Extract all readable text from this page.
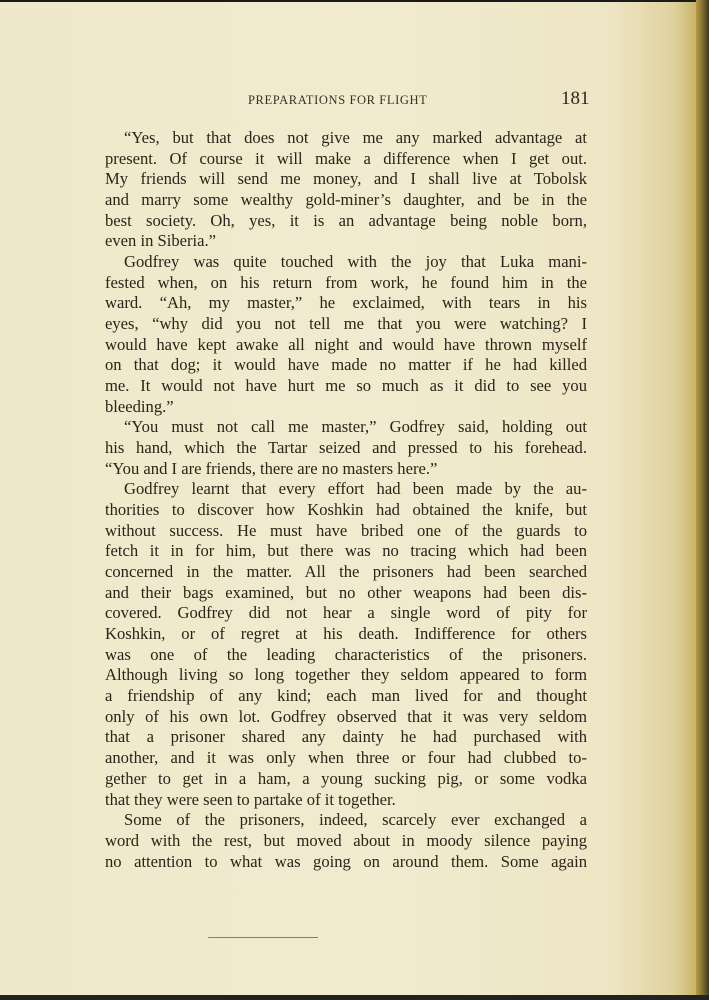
PREPARATIONS FOR FLIGHT	181
“Yes, but that does not give me any marked advantage at
present. Of course it will make a difference when I get out.
My friends will send me money, and I shall live at Tobolsk
and marry some wealthy gold-miner’s daughter, and be in the
best society. Oh, yes, it is an advantage being noble born,
even in Siberia.”
Godfrey was quite touched with the joy that Luka mani-
fested when, on his return from work, he found him in the
ward. “Ah, my master,” he exclaimed, with tears in his
eyes, “why did you not tell me that you were watching? I
would have kept awake all night and would have thrown myself
on that dog; it would have made no matter if he had killed
me. It would not have hurt me so much as it did to see you
bleeding.”
“You must not call me master,” Godfrey said, holding out
his hand, which the Tartar seized and pressed to his forehead.
“You and I are friends, there are no masters here.”
Godfrey learnt that every effort had been made by the au-
thorities to discover how Koshkin had obtained the knife, but
without success. He must have bribed one of the guards to
fetch it in for him, but there was no tracing which had been
concerned in the matter. All the prisoners had been searched
and their bags examined, but no other weapons had been dis-
covered. Godfrey did not hear a single word of pity for
Koshkin, or of regret at his death. Indifference for others
was one of the leading characteristics of the prisoners.
Although living so long together they seldom appeared to form
a friendship of any kind; each man lived for and thought
only of his own lot. Godfrey observed that it was very seldom
that a prisoner shared any dainty he had purchased with
another, and it was only when three or four had clubbed to-
gether to get in a ham, a young sucking pig, or some vodka
that they were seen to partake of it together.
Some of the prisoners, indeed, scarcely ever exchanged a
word with the rest, but moved about in moody silence paying
no attention to what was going on around them. Some again
